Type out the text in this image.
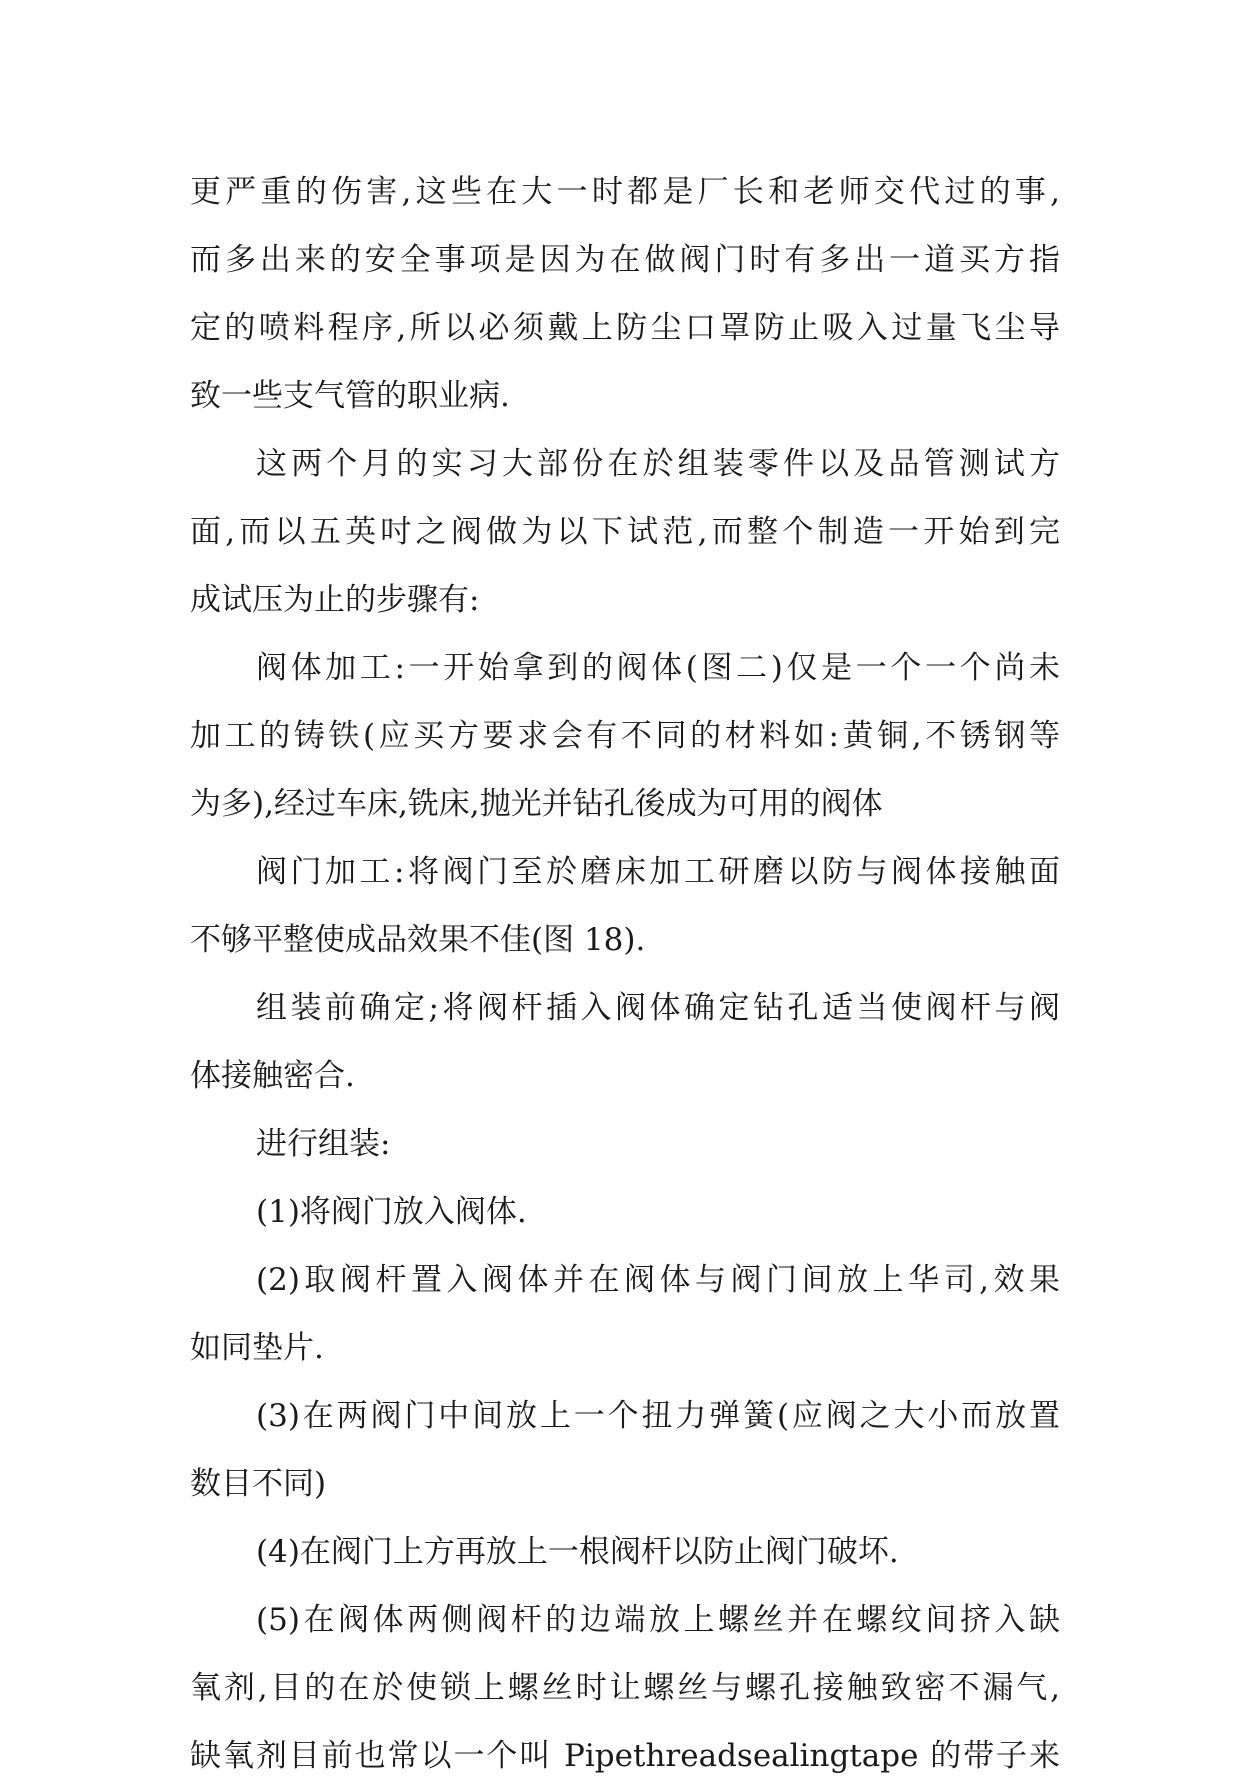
更严重的伤害,这些在大一时都是厂长和老师交代过的事,
而多出来的安全事项是因为在做阀门时有多出一道买方指
定的喷料程序,所以必须戴上防尘口罩防止吸入过量飞尘导
致一些支气管的职业病.
这两个月的实习大部份在於组装零件以及品管测试方
面,而以五英吋之阀做为以下试范,而整个制造一开始到完
成试压为止的步骤有:
阀体加工:一开始拿到的阀体(图二)仅是一个一个尚未
加工的铸铁(应买方要求会有不同的材料如:黄铜,不锈钢等
为多),经过车床,铣床,抛光并钻孔後成为可用的阀体
阀门加工:将阀门至於磨床加工研磨以防与阀体接触面
不够平整使成品效果不佳(图 18).
组装前确定;将阀杆插入阀体确定钻孔适当使阀杆与阀
体接触密合.
进行组装:
(1)将阀门放入阀体.
(2)取阀杆置入阀体并在阀体与阀门间放上华司,效果
如同垫片.
(3)在两阀门中间放上一个扭力弹簧(应阀之大小而放置
数目不同)
(4)在阀门上方再放上一根阀杆以防止阀门破坏.
(5)在阀体两侧阀杆的边端放上螺丝并在螺纹间挤入缺
氧剂,目的在於使锁上螺丝时让螺丝与螺孔接触致密不漏气,
缺氧剂目前也常以一个叫 Pipethreadsealingtape 的带子来
